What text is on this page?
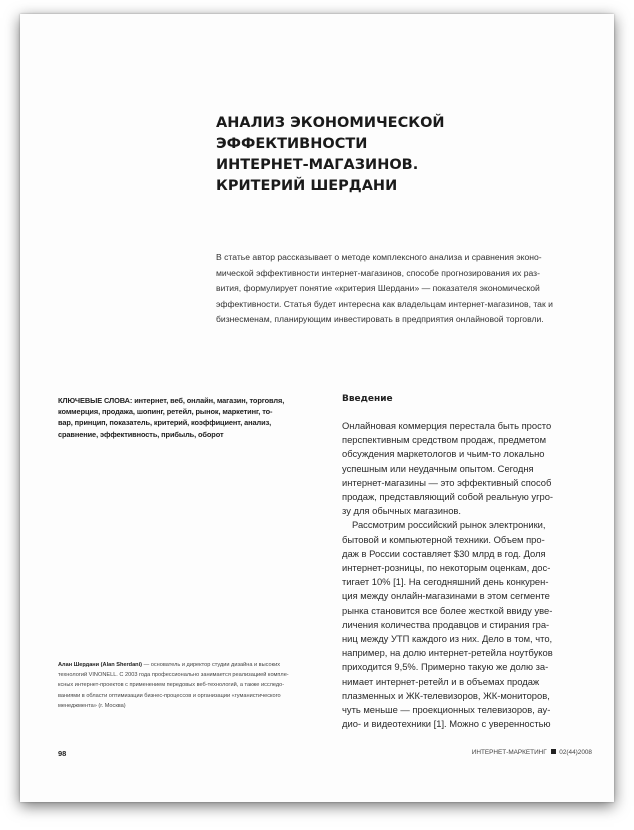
АНАЛИЗ ЭКОНОМИЧЕСКОЙ ЭФФЕКТИВНОСТИ
ИНТЕРНЕТ-МАГАЗИНОВ.
КРИТЕРИЙ ШЕРДАНИ

В статье автор рассказывает о методе комплексного анализа и сравнения эконо-
мической эффективности интернет-магазинов, способе прогнозирования их раз-
вития, формулирует понятие «критерия Шердани» — показателя экономической
эффективности. Статья будет интересна как владельцам интернет-магазинов, так и
бизнесменам, планирующим инвестировать в предприятия онлайновой торговли.

КЛЮЧЕВЫЕ СЛОВА: интернет, веб, онлайн, магазин, торговля,
коммерция, продажа, шопинг, ретейл, рынок, маркетинг, то-
вар, принцип, показатель, критерий, коэффициент, анализ,
сравнение, эффективность, прибыль, оборот
Введение
Онлайновая коммерция перестала быть просто
перспективным средством продаж, предметом
обсуждения маркетологов и чьим-то локально
успешным или неудачным опытом. Сегодня
интернет-магазины — это эффективный способ
продаж, представляющий собой реальную угро-
зу для обычных магазинов.
Рассмотрим российский рынок электроники,
бытовой и компьютерной техники. Объем про-
даж в России составляет $30 млрд в год. Доля
интернет-розницы, по некоторым оценкам, дос-
тигает 10% [1]. На сегодняшний день конкурен-
ция между онлайн-магазинами в этом сегменте
рынка становится все более жесткой ввиду уве-
личения количества продавцов и стирания гра-
ниц между УТП каждого из них. Дело в том, что,
например, на долю интернет-ретейла ноутбуков
приходится 9,5%. Примерно такую же долю за-
нимает интернет-ретейл и в объемах продаж
плазменных и ЖК-телевизоров, ЖК-мониторов,
чуть меньше — проекционных телевизоров, ау-
дио- и видеотехники [1]. Можно с уверенностью
Алан Шердани (Alan Sherdani) — основатель и директор студии дизайна и высоких
технологий VINONELL. С 2003 года профессионально занимается реализацией компле-
ксных интернет-проектов с применением передовых веб-технологий, а также исследо-
ваниями в области оптимизации бизнес-процессов и организации «гуманистического
менеджмента» (г. Москва)
98	ИНТЕРНЕТ-МАРКЕТИНГ 02(44)2008
